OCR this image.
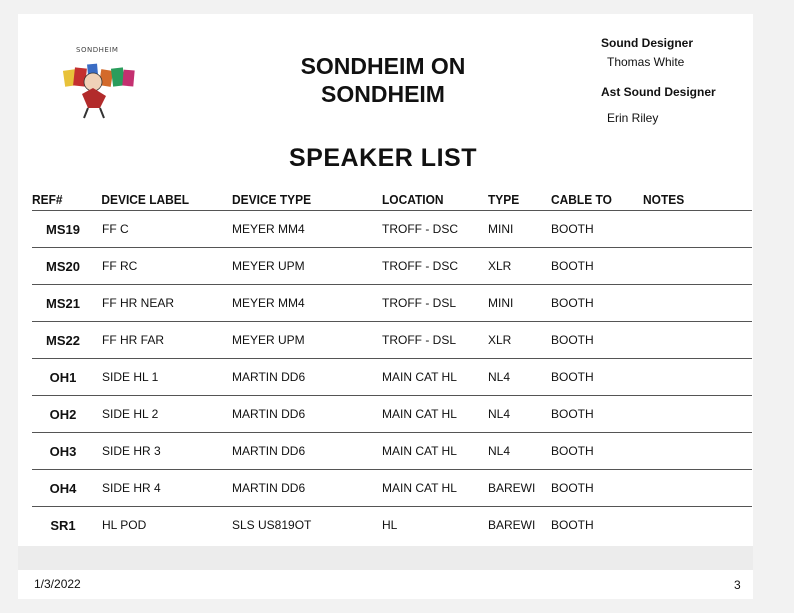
SONDHEIM
SONDHEIM ON
SONDHEIM
Sound Designer
Thomas White
Ast Sound Designer
Erin Riley
SPEAKER LIST
REF#	DEVICE LABEL	DEVICE TYPE	LOCATION	TYPE	CABLE TO	NOTES
MS19	FF C	MEYER MM4	TROFF - DSC	MINI	BOOTH	
MS20	FF RC	MEYER UPM	TROFF - DSC	XLR	BOOTH	
MS21	FF HR NEAR	MEYER MM4	TROFF - DSL	MINI	BOOTH	
MS22	FF HR FAR	MEYER UPM	TROFF - DSL	XLR	BOOTH	
OH1	SIDE HL 1	MARTIN DD6	MAIN CAT HL	NL4	BOOTH	
OH2	SIDE HL 2	MARTIN DD6	MAIN CAT HL	NL4	BOOTH	
OH3	SIDE HR 3	MARTIN DD6	MAIN CAT HL	NL4	BOOTH	
OH4	SIDE HR 4	MARTIN DD6	MAIN CAT HL	BAREWI	BOOTH	
SR1	HL POD	SLS US819OT	HL	BAREWI	BOOTH	
1/3/2022	3
